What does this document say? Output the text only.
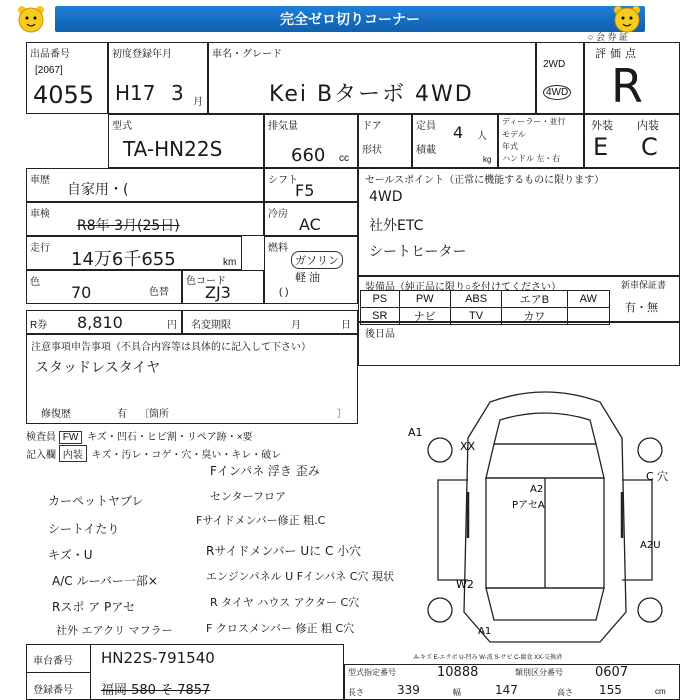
完全ゼロ切りコーナー
○ 会 券 証
出品番号
[2067]
4055
初度登録年月
H17 3 月
車名・グレード
Kei Bターボ 4WD
2WD
4WD
評価点
R
型式
TA-HN22S
排気量
660 cc
ドア
形状
定員 4 人
積載
kg
ディーラー・並行
モデル
年式
ハンドル 左・右
外装 内装
E C
車歴
自家用・(
シフト
F5
車検
R8年 3月(25日)
冷房
AC
走行
14万6千655	km
燃料
ガソリン
軽 油
( )
色
70	色替
色コード
ZJ3
セールスポイント（正常に機能するものに限ります）
4WD
社外ETC
シートヒーター
装備品（純正品に限り○を付けてください）	新車保証書
有・無
PS	PW	ABS	エアB	AW
SR	ナビ	TV	カワ	
R券 8,810	円 名変期限	月	日
後日品
注意事項申告事項（不具合内容等は具体的に記入して下さい）
スタッドレスタイヤ
修復歴	有 〔箇所	〕
検査員 FW キズ・凹石・ヒビ割・リペア跡・×要
記入欄 内装 キズ・汚レ・コゲ・穴・臭い・キレ・破レ
カーペットヤブレ
シートイたり
キズ・U
A/C ルーバー一部×
Rスポ ア Pアセ
社外 エアクリ マフラー
Fインパネ 浮き 歪み
センターフロア
Fサイドメンバー修正 粗.C
Rサイドメンバー Uに C 小穴
エンジンパネル U Fインパネ C穴 現状
R タイヤ ハウス アクター C穴
F クロスメンバー 修正 粗 C穴
A1
XX
C 穴
A2
PアセA
A2U
W2
A1
A-キズ E-エクボ U-凹み W-波 S-サビ C-腐食 XX-交換済
車台番号 HN22S-791540
登録番号 福岡 580 そ 7857
型式指定番号	10888	類別区分番号 0607
長さ	339	幅	147	高さ 155	cm
